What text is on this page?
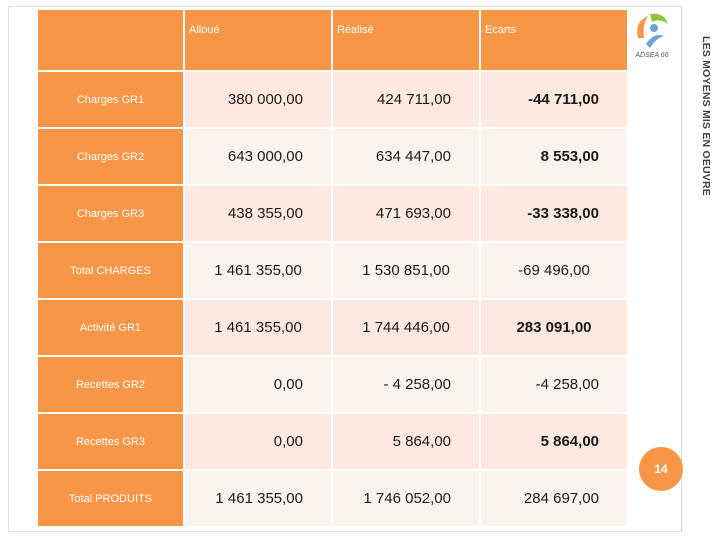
LES MOYENS MIS EN OEUVRE
ADSEA 66
	Alloué	Réalisé	Ecarts
Charges GR1	380 000,00	424 711,00	-44 711,00
Charges GR2	643 000,00	634 447,00	8 553,00
Charges GR3	438 355,00	471 693,00	-33 338,00
Total CHARGES	1 461 355,00	1 530 851,00	-69 496,00
Activité GR1	1 461 355,00	1 744 446,00	283 091,00
Recettes GR2	0,00	- 4 258,00	-4 258,00
Recettes GR3	0,00	5 864,00	5 864,00
Total PRODUITS	1 461 355,00	1 746 052,00	284 697,00
14
